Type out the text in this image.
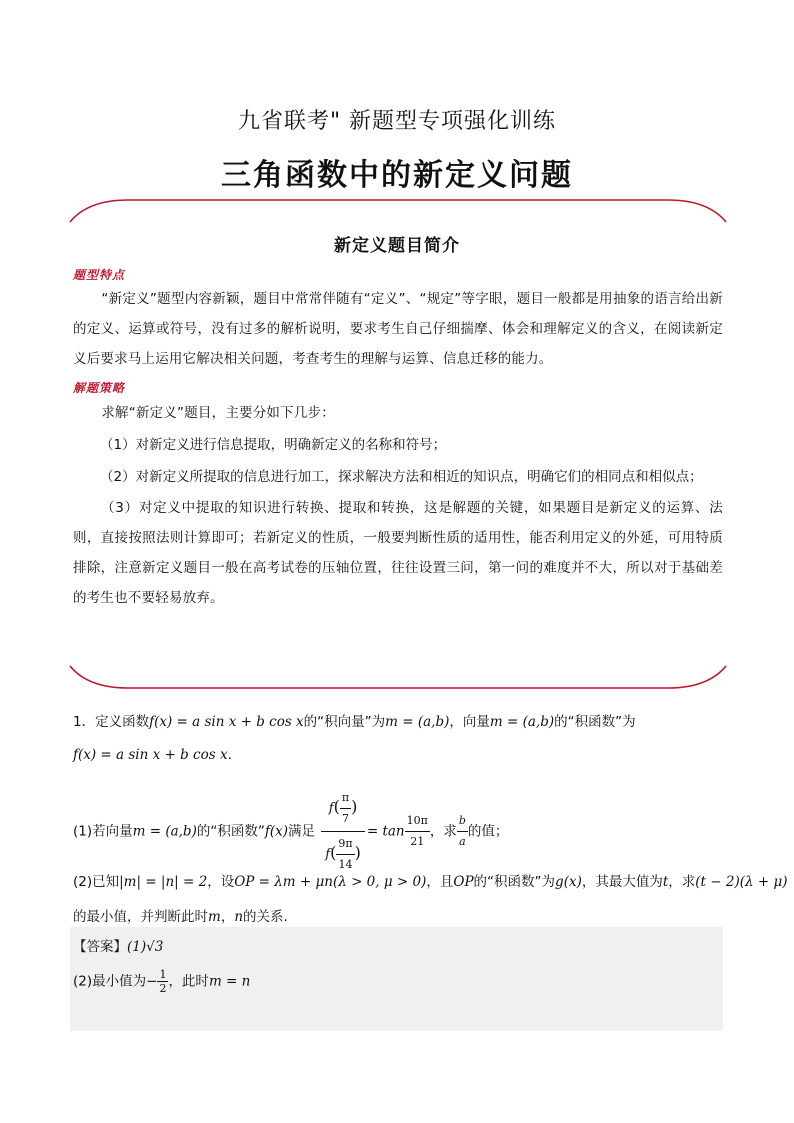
九省联考" 新题型专项强化训练
三角函数中的新定义问题
新定义题目简介
题型特点
“新定义”题型内容新颖，题目中常常伴随有“定义”、“规定”等字眼，题目一般都是用抽象的语言给出新的定义、运算或符号，没有过多的解析说明，要求考生自己仔细揣摩、体会和理解定义的含义，在阅读新定义后要求马上运用它解决相关问题，考查考生的理解与运算、信息迁移的能力。
解题策略
求解“新定义”题目，主要分如下几步：
（1）对新定义进行信息提取，明确新定义的名称和符号；
（2）对新定义所提取的信息进行加工，探求解决方法和相近的知识点，明确它们的相同点和相似点；
（3）对定义中提取的知识进行转换、提取和转换，这是解题的关键，如果题目是新定义的运算、法则，直接按照法则计算即可；若新定义的性质，一般要判断性质的适用性，能否利用定义的外延，可用特质排除，注意新定义题目一般在高考试卷的压轴位置，往往设置三问，第一问的难度并不大，所以对于基础差的考生也不要轻易放弃。
1．定义函数f(x) = a sin x + b cos x的“积向量”为m = (a,b)，向量m = (a,b)的“积函数”为
f(x) = a sin x + b cos x.
(1)若向量m = (a,b)的“积函数”f(x)满足 $\frac{f( \frac{\pi}{7} )}{f( \frac{9\pi}{14} )} = \tan \frac{10\pi}{21}$ ，求 $\frac{b}{a}$ 的值；
(2)已知|m| = |n| = 2，设OP = λm + μn(λ > 0, μ > 0)，且OP的“积函数”为g(x)，其最大值为t，求(t − 2)(λ + μ)
的最小值，并判断此时m，n的关系．
【答案】(1)√3
(2)最小值为− $\frac{1}{2}$ ，此时m = n
